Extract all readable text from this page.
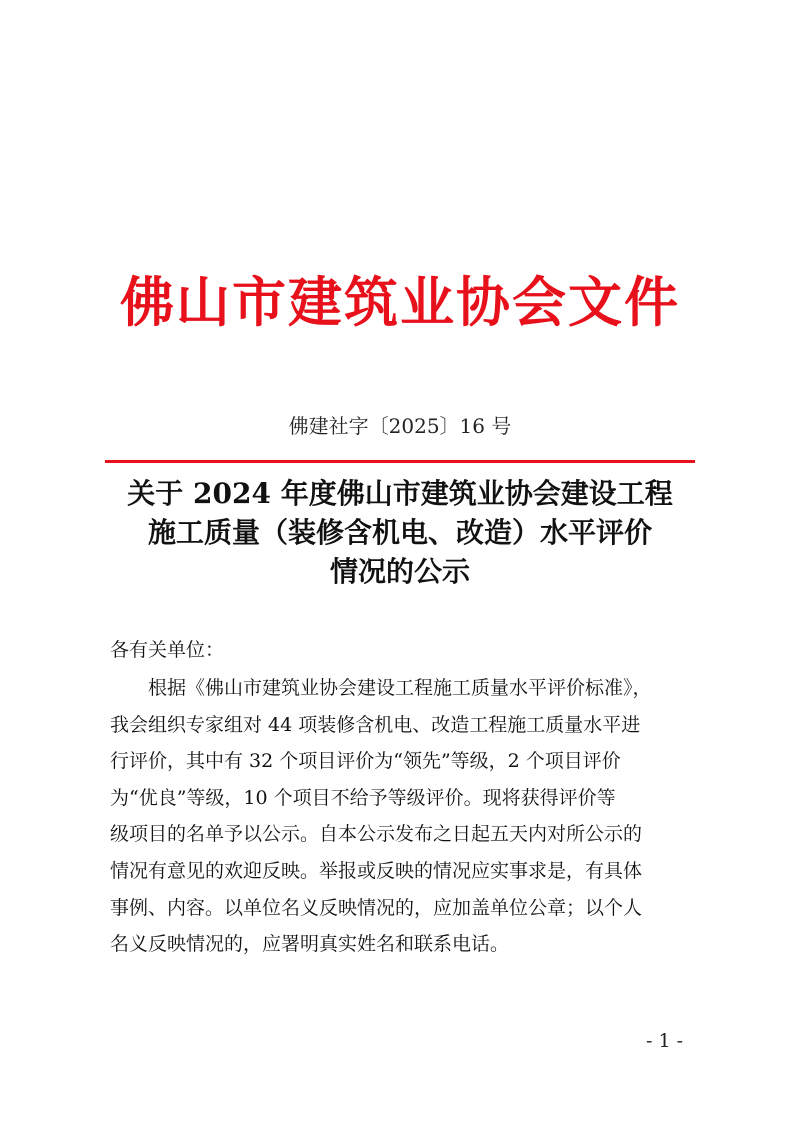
佛山市建筑业协会文件
佛建社字〔2025〕16 号
关于 2024 年度佛山市建筑业协会建设工程
施工质量（装修含机电、改造）水平评价
情况的公示
各有关单位：
根据《佛山市建筑业协会建设工程施工质量水平评价标准》，
我会组织专家组对 44 项装修含机电、改造工程施工质量水平进
行评价，其中有 32 个项目评价为“领先”等级，2 个项目评价
为“优良”等级，10 个项目不给予等级评价。现将获得评价等
级项目的名单予以公示。自本公示发布之日起五天内对所公示的
情况有意见的欢迎反映。举报或反映的情况应实事求是，有具体
事例、内容。以单位名义反映情况的，应加盖单位公章；以个人
名义反映情况的，应署明真实姓名和联系电话。
- 1 -
